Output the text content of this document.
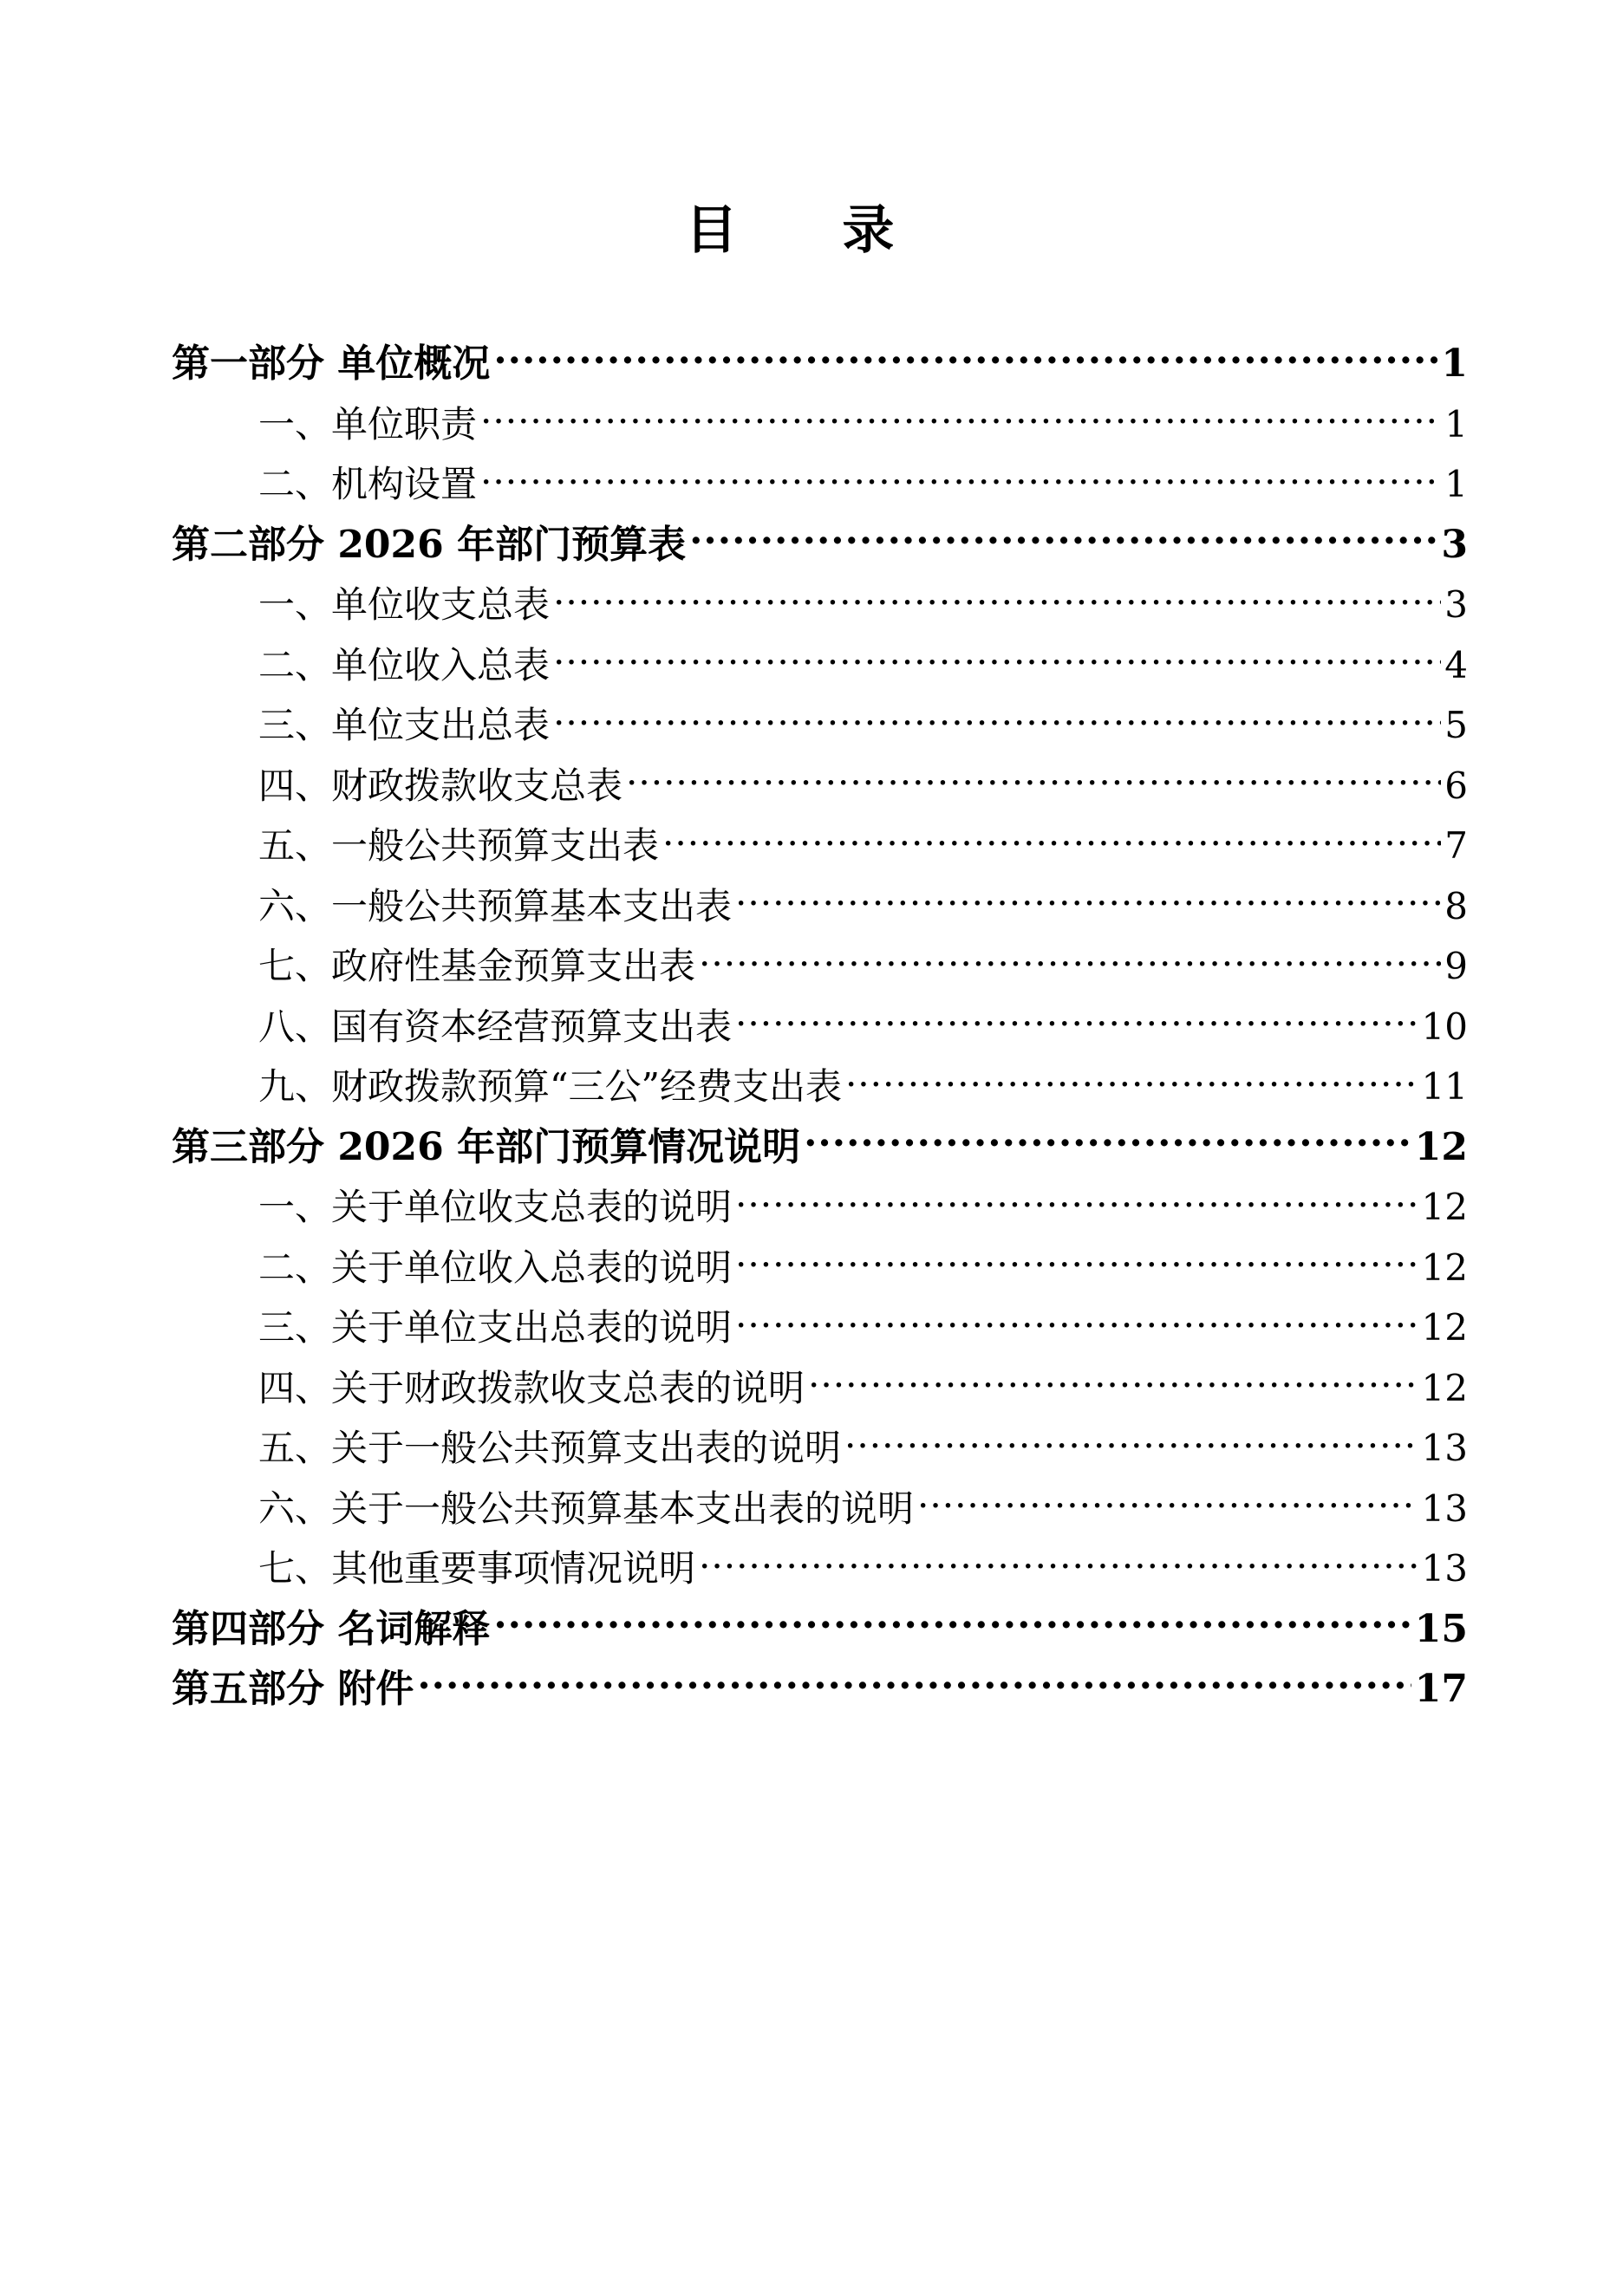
目 录
第一部分 单位概况 .....	1
一、单位职责 .....	1
二、机构设置 .....	1
第二部分 2026 年部门预算表 .....	3
一、单位收支总表 .....	3
二、单位收入总表 .....	4
三、单位支出总表 .....	5
四、财政拨款收支总表 .....	6
五、一般公共预算支出表 .....	7
六、一般公共预算基本支出表 .....	8
七、政府性基金预算支出表 .....	9
八、国有资本经营预算支出表 .....	10
九、财政拨款预算“三公”经费支出表 .....	11
第三部分 2026 年部门预算情况说明 .....	12
一、关于单位收支总表的说明 .....	12
二、关于单位收入总表的说明 .....	12
三、关于单位支出总表的说明 .....	12
四、关于财政拨款收支总表的说明 .....	12
五、关于一般公共预算支出表的说明 .....	13
六、关于一般公共预算基本支出表的说明 .....	13
七、其他重要事项情况说明 .....	13
第四部分 名词解释 .....	15
第五部分 附件 .....	17
